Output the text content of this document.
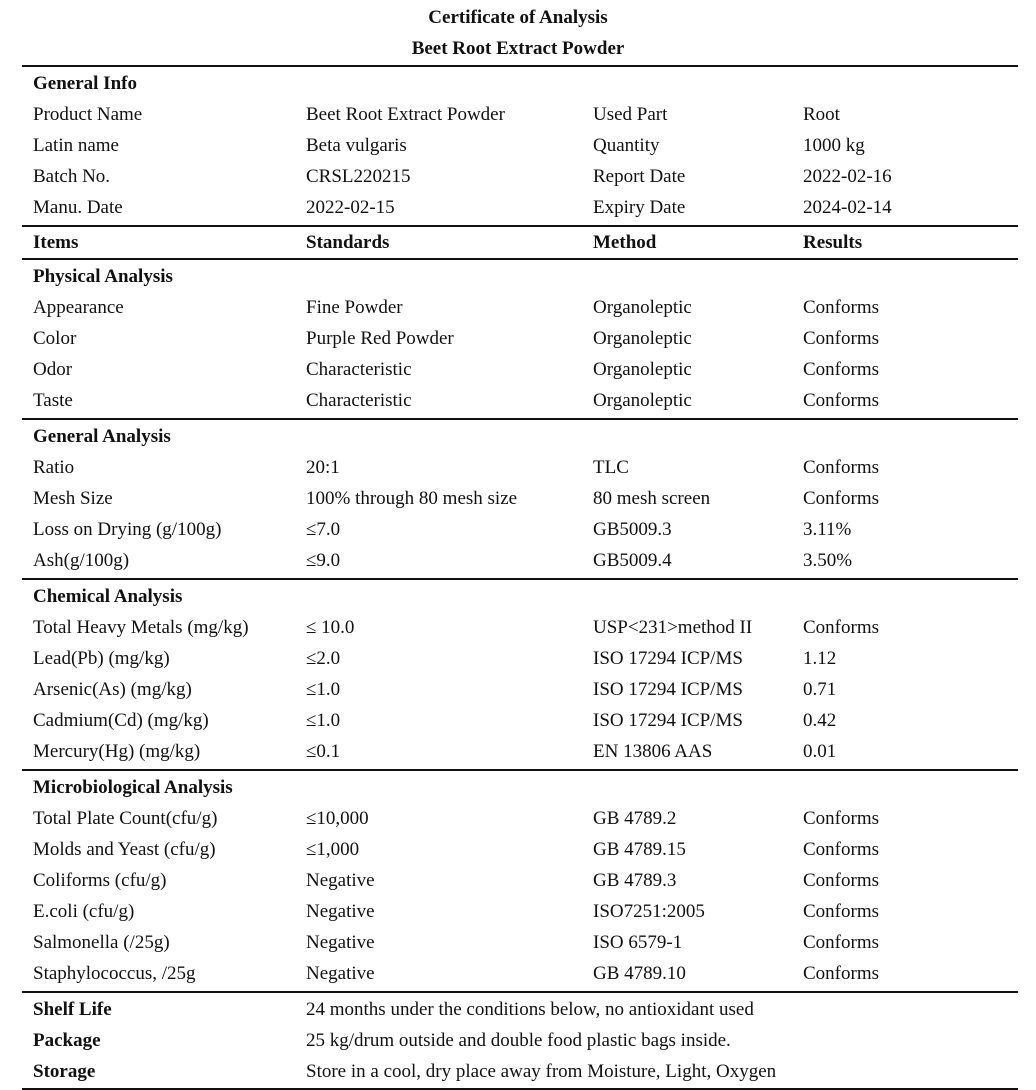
Certificate of Analysis
Beet Root Extract Powder
General Info
Product Name	Beet Root Extract Powder	Used Part	Root
Latin name	Beta vulgaris	Quantity	1000 kg
Batch No.	CRSL220215	Report Date	2022-02-16
Manu. Date	2022-02-15	Expiry Date	2024-02-14
Items	Standards	Method	Results
Physical Analysis
Appearance	Fine Powder	Organoleptic	Conforms
Color	Purple Red Powder	Organoleptic	Conforms
Odor	Characteristic	Organoleptic	Conforms
Taste	Characteristic	Organoleptic	Conforms
General Analysis
Ratio	20:1	TLC	Conforms
Mesh Size	100% through 80 mesh size	80 mesh screen	Conforms
Loss on Drying (g/100g)	≤7.0	GB5009.3	3.11%
Ash(g/100g)	≤9.0	GB5009.4	3.50%
Chemical Analysis
Total Heavy Metals (mg/kg)	≤ 10.0	USP<231>method II	Conforms
Lead(Pb) (mg/kg)	≤2.0	ISO 17294 ICP/MS	1.12
Arsenic(As) (mg/kg)	≤1.0	ISO 17294 ICP/MS	0.71
Cadmium(Cd) (mg/kg)	≤1.0	ISO 17294 ICP/MS	0.42
Mercury(Hg) (mg/kg)	≤0.1	EN 13806 AAS	0.01
Microbiological Analysis
Total Plate Count(cfu/g)	≤10,000	GB 4789.2	Conforms
Molds and Yeast (cfu/g)	≤1,000	GB 4789.15	Conforms
Coliforms (cfu/g)	Negative	GB 4789.3	Conforms
E.coli (cfu/g)	Negative	ISO7251:2005	Conforms
Salmonella (/25g)	Negative	ISO 6579-1	Conforms
Staphylococcus, /25g	Negative	GB 4789.10	Conforms
Shelf Life	24 months under the conditions below, no antioxidant used
Package	25 kg/drum outside and double food plastic bags inside.
Storage	Store in a cool, dry place away from Moisture, Light, Oxygen
